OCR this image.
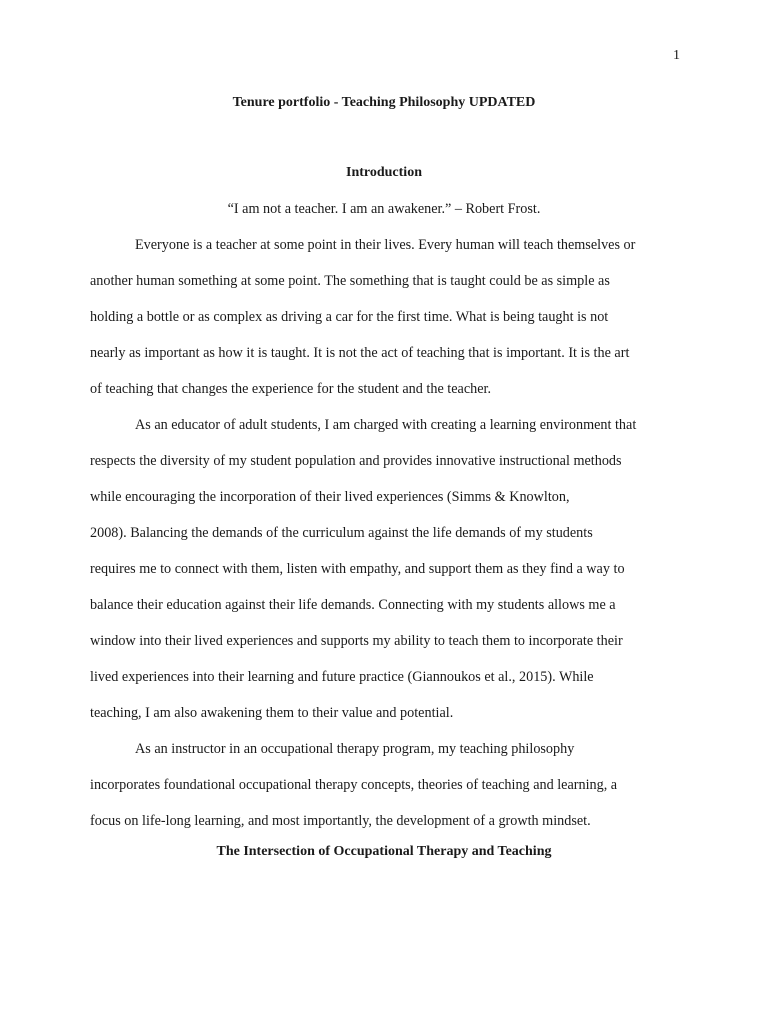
1
Tenure portfolio - Teaching Philosophy UPDATED
Introduction
“I am not a teacher. I am an awakener.” – Robert Frost.
Everyone is a teacher at some point in their lives. Every human will teach themselves or
another human something at some point. The something that is taught could be as simple as
holding a bottle or as complex as driving a car for the first time. What is being taught is not
nearly as important as how it is taught. It is not the act of teaching that is important. It is the art
of teaching that changes the experience for the student and the teacher.
As an educator of adult students, I am charged with creating a learning environment that
respects the diversity of my student population and provides innovative instructional methods
while encouraging the incorporation of their lived experiences (Simms & Knowlton,
2008). Balancing the demands of the curriculum against the life demands of my students
requires me to connect with them, listen with empathy, and support them as they find a way to
balance their education against their life demands. Connecting with my students allows me a
window into their lived experiences and supports my ability to teach them to incorporate their
lived experiences into their learning and future practice (Giannoukos et al., 2015). While
teaching, I am also awakening them to their value and potential.
As an instructor in an occupational therapy program, my teaching philosophy
incorporates foundational occupational therapy concepts, theories of teaching and learning, a
focus on life-long learning, and most importantly, the development of a growth mindset.
The Intersection of Occupational Therapy and Teaching
